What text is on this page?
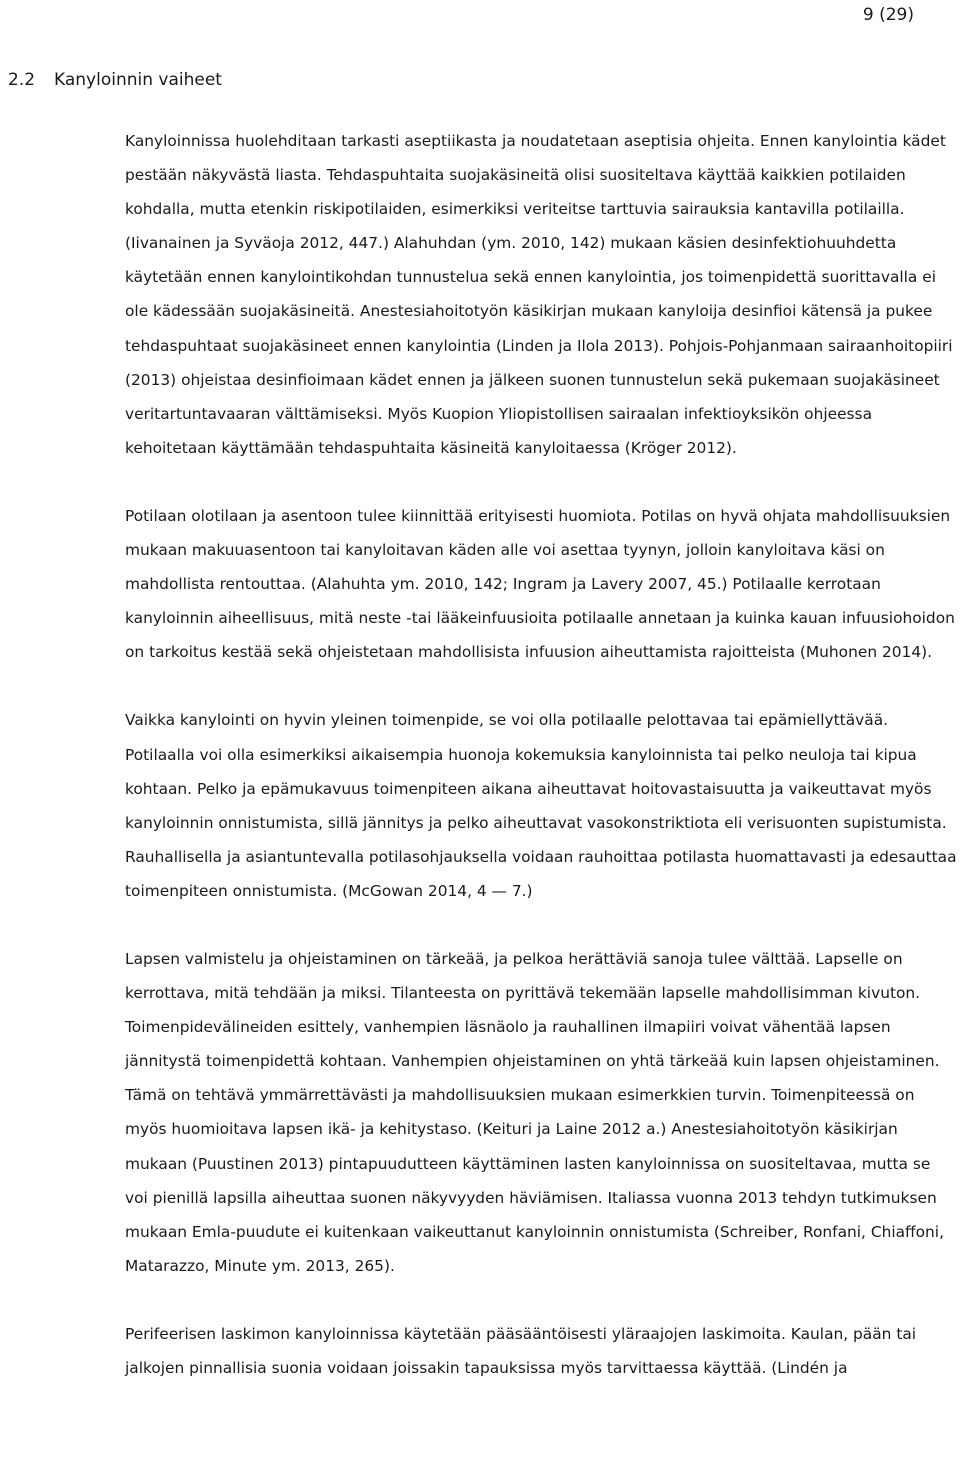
9 (29)
2.2 Kanyloinnin vaiheet

Kanyloinnissa huolehditaan tarkasti aseptiikasta ja noudatetaan aseptisia ohjeita. Ennen kanylointia kädet pestään näkyvästä liasta. Tehdaspuhtaita suojakäsineitä olisi suositeltava käyttää kaikkien potilaiden kohdalla, mutta etenkin riskipotilaiden, esimerkiksi veriteitse tarttuvia sairauksia kantavilla potilailla. (Iivanainen ja Syväoja 2012, 447.) Alahuhdan (ym. 2010, 142) mukaan käsien desinfektiohuuhdetta käytetään ennen kanylointikohdan tunnustelua sekä ennen kanylointia, jos toimenpidettä suorittavalla ei ole kädessään suojakäsineitä. Anestesiahoitotyön käsikirjan mukaan kanyloija desinfioi kätensä ja pukee tehdaspuhtaat suojakäsineet ennen kanylointia (Linden ja Ilola 2013). Pohjois-Pohjanmaan sairaanhoitopiiri (2013) ohjeistaa desinfioimaan kädet ennen ja jälkeen suonen tunnustelun sekä pukemaan suojakäsineet veritartuntavaaran välttämiseksi. Myös Kuopion Yliopistollisen sairaalan infektioyksikön ohjeessa kehoitetaan käyttämään tehdaspuhtaita käsineitä kanyloitaessa (Kröger 2012).

Potilaan olotilaan ja asentoon tulee kiinnittää erityisesti huomiota. Potilas on hyvä ohjata mahdollisuuksien mukaan makuuasentoon tai kanyloitavan käden alle voi asettaa tyynyn, jolloin kanyloitava käsi on mahdollista rentouttaa. (Alahuhta ym. 2010, 142; Ingram ja Lavery 2007, 45.) Potilaalle kerrotaan kanyloinnin aiheellisuus, mitä neste -tai lääkeinfuusioita potilaalle annetaan ja kuinka kauan infuusiohoidon on tarkoitus kestää sekä ohjeistetaan mahdollisista infuusion aiheuttamista rajoitteista (Muhonen 2014).

Vaikka kanylointi on hyvin yleinen toimenpide, se voi olla potilaalle pelottavaa tai epämiellyttävää. Potilaalla voi olla esimerkiksi aikaisempia huonoja kokemuksia kanyloinnista tai pelko neuloja tai kipua kohtaan. Pelko ja epämukavuus toimenpiteen aikana aiheuttavat hoitovastaisuutta ja vaikeuttavat myös kanyloinnin onnistumista, sillä jännitys ja pelko aiheuttavat vasokonstriktiota eli verisuonten supistumista. Rauhallisella ja asiantuntevalla potilasohjauksella voidaan rauhoittaa potilasta huomattavasti ja edesauttaa toimenpiteen onnistumista. (McGowan 2014, 4 — 7.)

Lapsen valmistelu ja ohjeistaminen on tärkeää, ja pelkoa herättäviä sanoja tulee välttää. Lapselle on kerrottava, mitä tehdään ja miksi. Tilanteesta on pyrittävä tekemään lapselle mahdollisimman kivuton. Toimenpidevälineiden esittely, vanhempien läsnäolo ja rauhallinen ilmapiiri voivat vähentää lapsen jännitystä toimenpidettä kohtaan. Vanhempien ohjeistaminen on yhtä tärkeää kuin lapsen ohjeistaminen. Tämä on tehtävä ymmärrettävästi ja mahdollisuuksien mukaan esimerkkien turvin. Toimenpiteessä on myös huomioitava lapsen ikä- ja kehitystaso. (Keituri ja Laine 2012 a.) Anestesiahoitotyön käsikirjan mukaan (Puustinen 2013) pintapuudutteen käyttäminen lasten kanyloinnissa on suositeltavaa, mutta se voi pienillä lapsilla aiheuttaa suonen näkyvyyden häviämisen. Italiassa vuonna 2013 tehdyn tutkimuksen mukaan Emla-puudute ei kuitenkaan vaikeuttanut kanyloinnin onnistumista (Schreiber, Ronfani, Chiaffoni, Matarazzo, Minute ym. 2013, 265).

Perifeerisen laskimon kanyloinnissa käytetään pääsääntöisesti yläraajojen laskimoita. Kaulan, pään tai jalkojen pinnallisia suonia voidaan joissakin tapauksissa myös tarvittaessa käyttää. (Lindén ja
